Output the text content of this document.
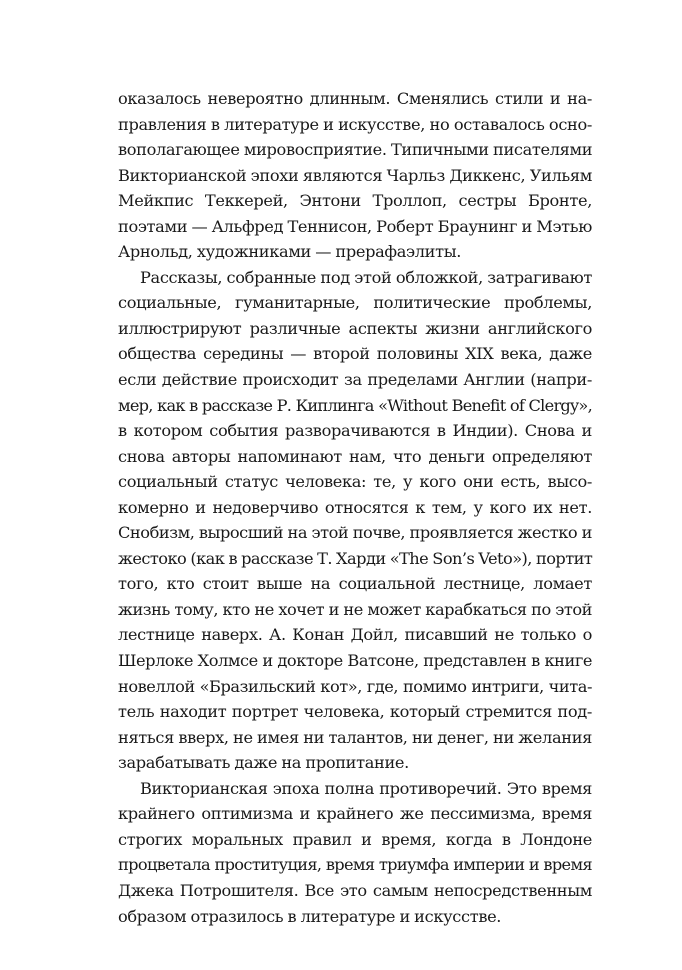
оказалось невероятно длинным. Сменялись стили и на-
правления в литературе и искусстве, но оставалось осно-
вополагающее мировосприятие. Типичными писателями
Викторианской эпохи являются Чарльз Диккенс, Уильям
Мейкпис Теккерей, Энтони Троллоп, сестры Бронте,
поэтами — Альфред Теннисон, Роберт Браунинг и Мэтью
Арнольд, художниками — прерафаэлиты.
Рассказы, собранные под этой обложкой, затрагивают
социальные, гуманитарные, политические проблемы,
иллюстрируют различные аспекты жизни английского
общества середины — второй половины XIX века, даже
если действие происходит за пределами Англии (напри-
мер, как в рассказе Р. Киплинга «Without Benefit of Clergy»,
в котором события разворачиваются в Индии). Снова и
снова авторы напоминают нам, что деньги определяют
социальный статус человека: те, у кого они есть, высо-
комерно и недоверчиво относятся к тем, у кого их нет.
Снобизм, выросший на этой почве, проявляется жестко и
жестоко (как в рассказе Т. Харди «The Son’s Veto»), портит
того, кто стоит выше на социальной лестнице, ломает
жизнь тому, кто не хочет и не может карабкаться по этой
лестнице наверх. А. Конан Дойл, писавший не только о
Шерлоке Холмсе и докторе Ватсоне, представлен в книге
новеллой «Бразильский кот», где, помимо интриги, чита-
тель находит портрет человека, который стремится под-
няться вверх, не имея ни талантов, ни денег, ни желания
зарабатывать даже на пропитание.
Викторианская эпоха полна противоречий. Это время
крайнего оптимизма и крайнего же пессимизма, время
строгих моральных правил и время, когда в Лондоне
процветала проституция, время триумфа империи и время
Джека Потрошителя. Все это самым непосредственным
образом отразилось в литературе и искусстве.
